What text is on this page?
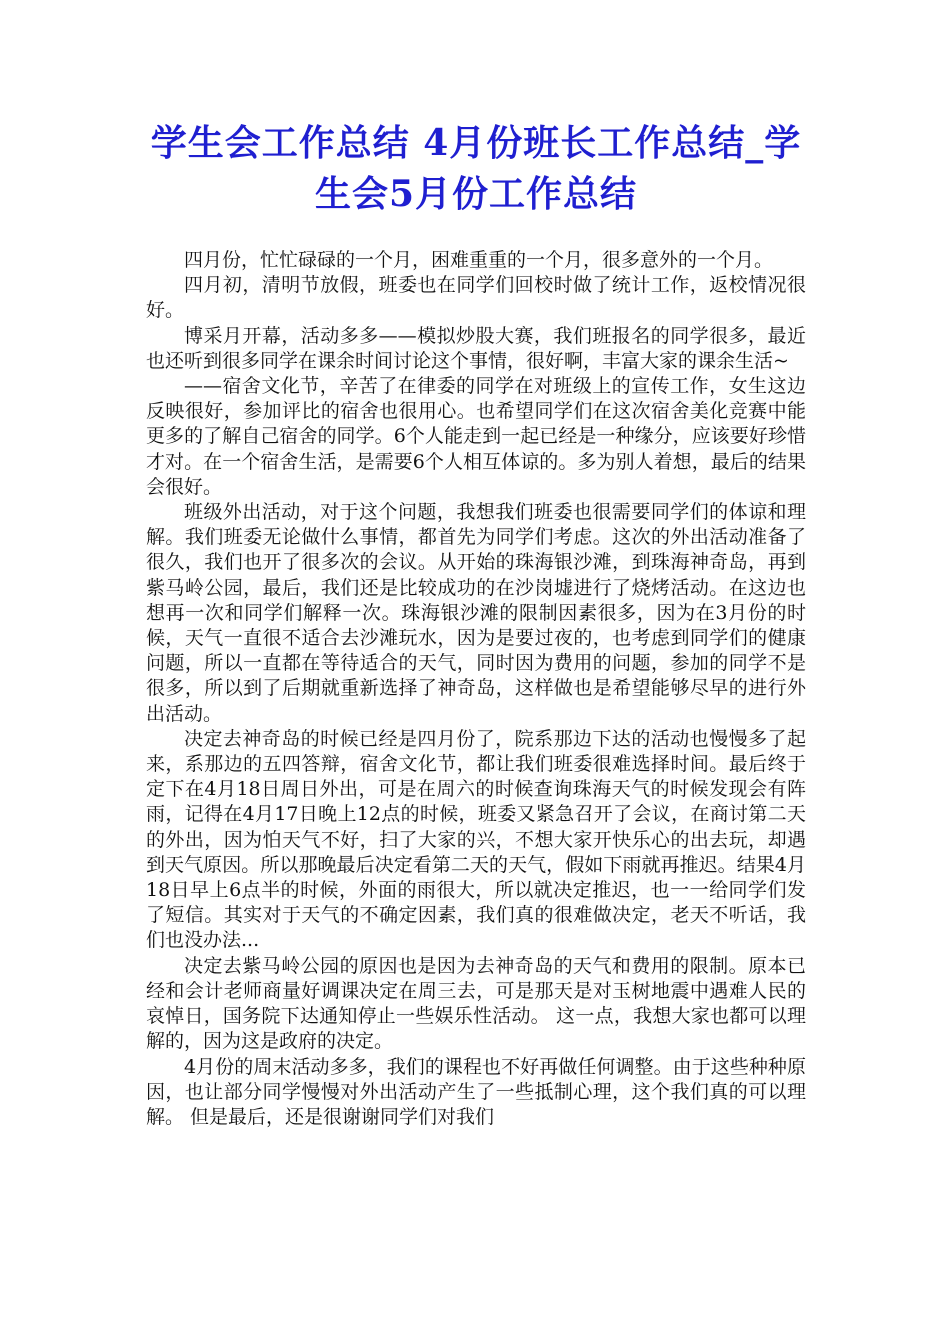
学生会工作总结 4月份班长工作总结_学生会5月份工作总结

四月份，忙忙碌碌的一个月，困难重重的一个月，很多意外的一个月。

四月初，清明节放假，班委也在同学们回校时做了统计工作，返校情况很好。

博采月开幕，活动多多——模拟炒股大赛，我们班报名的同学很多，最近也还听到很多同学在课余时间讨论这个事情，很好啊，丰富大家的课余生活~

——宿舍文化节，辛苦了在律委的同学在对班级上的宣传工作，女生这边反映很好，参加评比的宿舍也很用心。也希望同学们在这次宿舍美化竞赛中能更多的了解自己宿舍的同学。6个人能走到一起已经是一种缘分，应该要好珍惜才对。在一个宿舍生活，是需要6个人相互体谅的。多为别人着想，最后的结果会很好。

班级外出活动，对于这个问题，我想我们班委也很需要同学们的体谅和理解。我们班委无论做什么事情，都首先为同学们考虑。这次的外出活动准备了很久，我们也开了很多次的会议。从开始的珠海银沙滩，到珠海神奇岛，再到紫马岭公园，最后，我们还是比较成功的在沙岗墟进行了烧烤活动。在这边也想再一次和同学们解释一次。珠海银沙滩的限制因素很多，因为在3月份的时候，天气一直很不适合去沙滩玩水，因为是要过夜的，也考虑到同学们的健康问题，所以一直都在等待适合的天气，同时因为费用的问题，参加的同学不是很多，所以到了后期就重新选择了神奇岛，这样做也是希望能够尽早的进行外出活动。

决定去神奇岛的时候已经是四月份了，院系那边下达的活动也慢慢多了起来，系那边的五四答辩，宿舍文化节，都让我们班委很难选择时间。最后终于定下在4月18日周日外出，可是在周六的时候查询珠海天气的时候发现会有阵雨，记得在4月17日晚上12点的时候，班委又紧急召开了会议，在商讨第二天的外出，因为怕天气不好，扫了大家的兴，不想大家开快乐心的出去玩，却遇到天气原因。所以那晚最后决定看第二天的天气，假如下雨就再推迟。结果4月18日早上6点半的时候，外面的雨很大，所以就决定推迟，也一一给同学们发了短信。其实对于天气的不确定因素，我们真的很难做决定，老天不听话，我们也没办法...

决定去紫马岭公园的原因也是因为去神奇岛的天气和费用的限制。原本已经和会计老师商量好调课决定在周三去，可是那天是对玉树地震中遇难人民的哀悼日，国务院下达通知停止一些娱乐性活动。 这一点，我想大家也都可以理解的，因为这是政府的决定。

4月份的周末活动多多，我们的课程也不好再做任何调整。由于这些种种原因，也让部分同学慢慢对外出活动产生了一些抵制心理，这个我们真的可以理解。 但是最后，还是很谢谢同学们对我们
